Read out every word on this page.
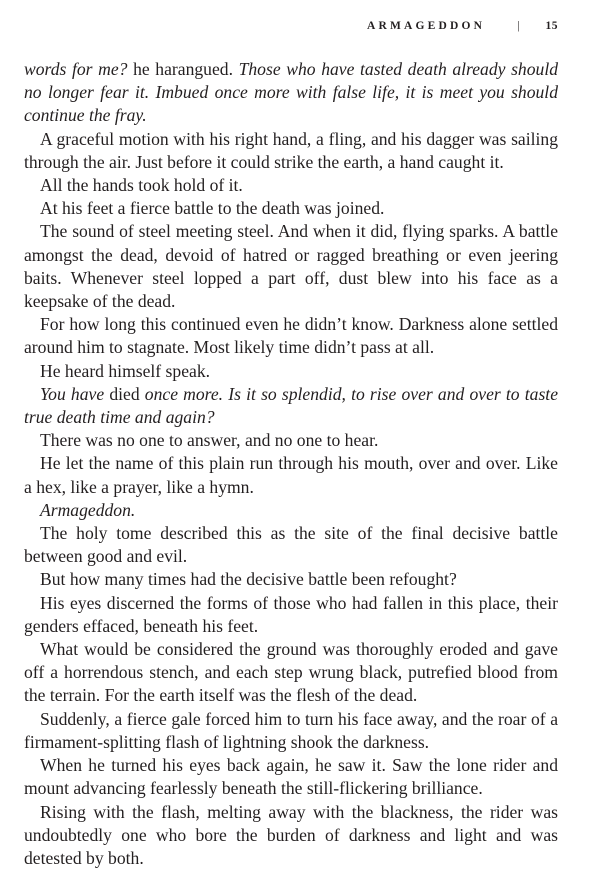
ARMAGEDDON	| 15

words for me? he harangued. Those who have tasted death already should no longer fear it. Imbued once more with false life, it is meet you should continue the fray.

A graceful motion with his right hand, a fling, and his dagger was sailing through the air. Just before it could strike the earth, a hand caught it.

All the hands took hold of it.

At his feet a fierce battle to the death was joined.

The sound of steel meeting steel. And when it did, flying sparks. A battle amongst the dead, devoid of hatred or ragged breathing or even jeering baits. Whenever steel lopped a part off, dust blew into his face as a keepsake of the dead.

For how long this continued even he didn’t know. Darkness alone settled around him to stagnate. Most likely time didn’t pass at all.

He heard himself speak.

You have died once more. Is it so splendid, to rise over and over to taste true death time and again?

There was no one to answer, and no one to hear.

He let the name of this plain run through his mouth, over and over. Like a hex, like a prayer, like a hymn.

Armageddon.

The holy tome described this as the site of the final decisive battle between good and evil.

But how many times had the decisive battle been refought?

His eyes discerned the forms of those who had fallen in this place, their genders effaced, beneath his feet.

What would be considered the ground was thoroughly eroded and gave off a horrendous stench, and each step wrung black, putrefied blood from the terrain. For the earth itself was the flesh of the dead.

Suddenly, a fierce gale forced him to turn his face away, and the roar of a firmament-splitting flash of lightning shook the darkness.

When he turned his eyes back again, he saw it. Saw the lone rider and mount advancing fearlessly beneath the still-flickering brilliance.

Rising with the flash, melting away with the blackness, the rider was undoubtedly one who bore the burden of darkness and light and was detested by both.
